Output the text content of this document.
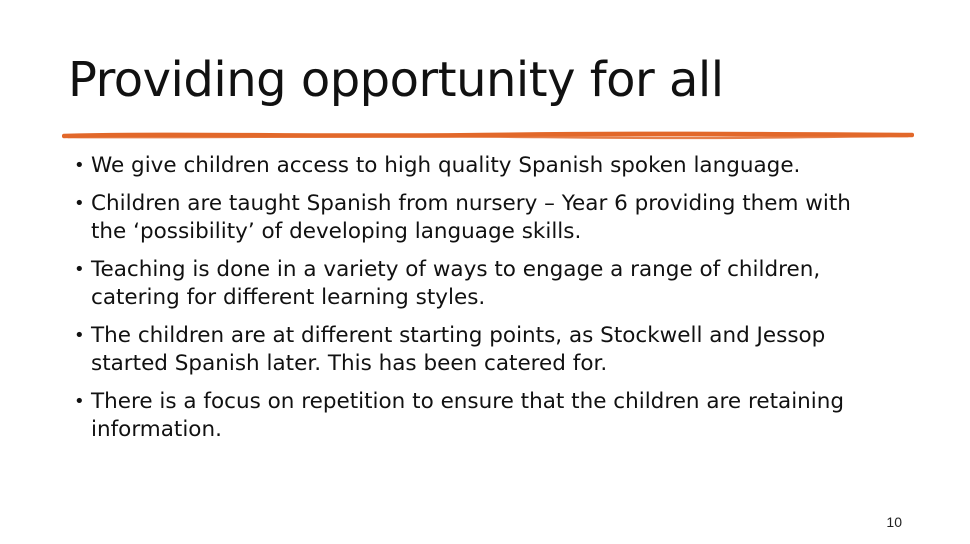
Providing opportunity for all
• We give children access to high quality Spanish spoken language.
• Children are taught Spanish from nursery – Year 6 providing them with the ‘possibility’ of developing language skills.
• Teaching is done in a variety of ways to engage a range of children, catering for different learning styles.
• The children are at different starting points, as Stockwell and Jessop started Spanish later. This has been catered for.
• There is a focus on repetition to ensure that the children are retaining information.
10
